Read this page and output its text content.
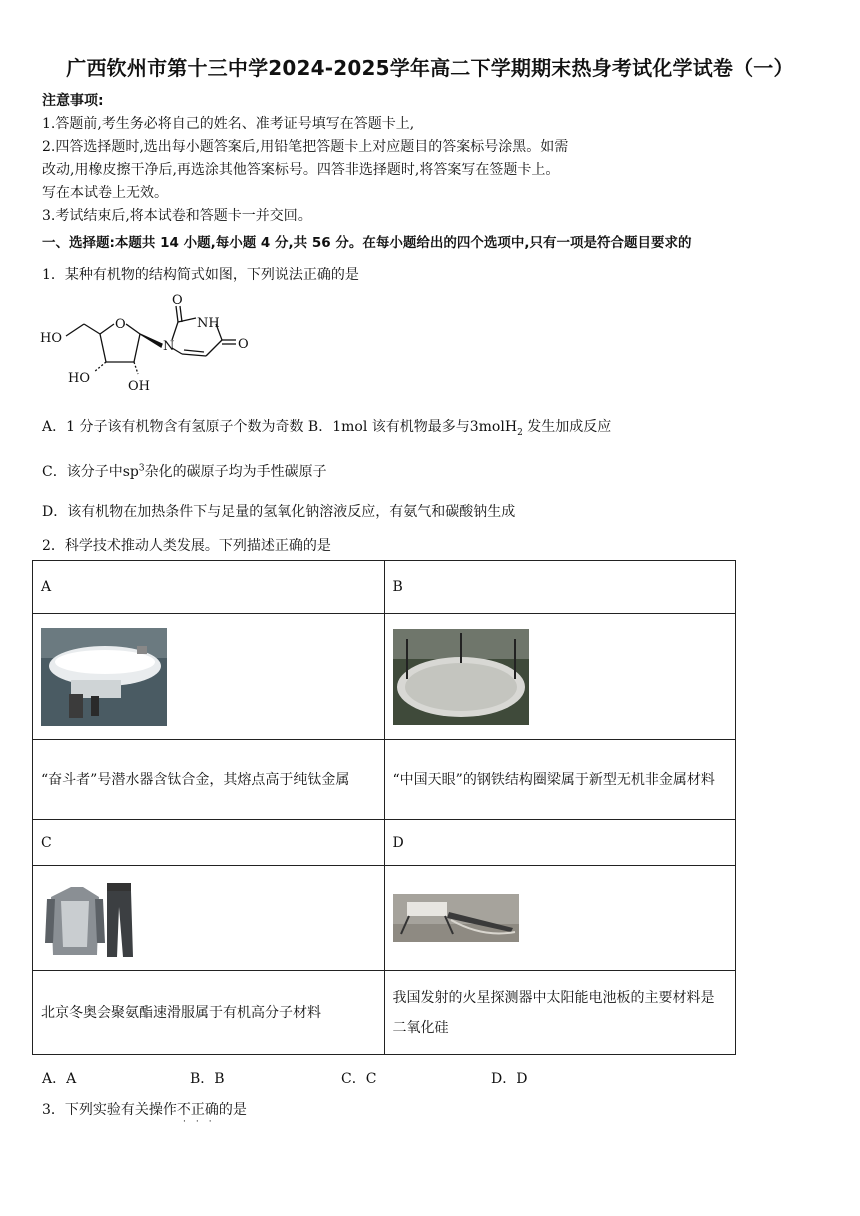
广西钦州市第十三中学2024-2025学年高二下学期期末热身考试化学试卷（一）
注意事项:
1.答题前,考生务必将自己的姓名、准考证号填写在答题卡上,
2.四答选择题时,选出每小题答案后,用铅笔把答题卡上对应题目的答案标号涂黑。如需
改动,用橡皮擦干净后,再选涂其他答案标号。四答非选择题时,将答案写在签题卡上。
写在本试卷上无效。
3.考试结束后,将本试卷和答题卡一并交回。
一、选择题:本题共 14 小题,每小题 4 分,共 56 分。在每小题给出的四个选项中,只有一项是符合题目要求的
1．某种有机物的结构简式如图，下列说法正确的是
HO
O
N
O
NH
O
HO
OH
A．1 分子该有机物含有氢原子个数为奇数 B．1mol 该有机物最多与3molH$_2$ 发生加成反应
C．该分子中$sp^3$杂化的碳原子均为手性碳原子
D．该有机物在加热条件下与足量的氢氧化钠溶液反应，有氨气和碳酸钠生成
2．科学技术推动人类发展。下列描述正确的是
A	B

“奋斗者”号潜水器含钛合金，其熔点高于纯钛金属	“中国天眼”的钢铁结构圈梁属于新型无机非金属材料
C	D

北京冬奥会聚氨酯速滑服属于有机高分子材料	我国发射的火星探测器中太阳能电池板的主要材料是二氧化硅
A．A	B．B	C．C	D．D
3．下列实验有关操作不正确的是
···
